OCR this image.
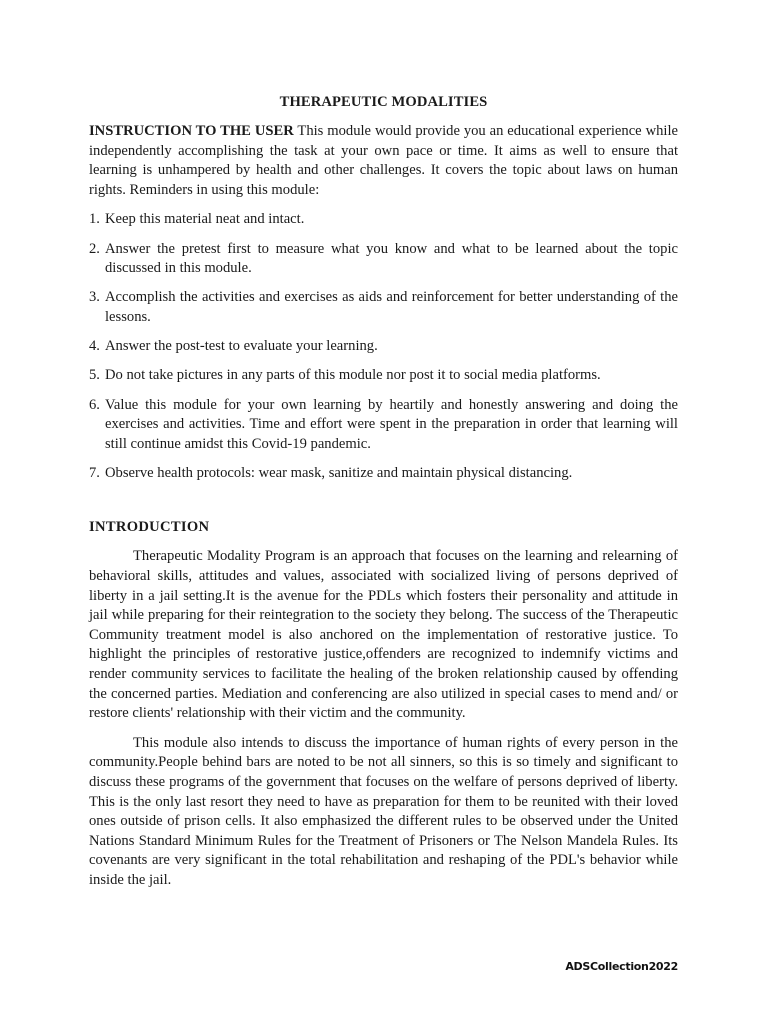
THERAPEUTIC MODALITIES

INSTRUCTION TO THE USER This module would provide you an educational experience while independently accomplishing the task at your own pace or time. It aims as well to ensure that learning is unhampered by health and other challenges. It covers the topic about laws on human rights. Reminders in using this module:

1. Keep this material neat and intact.
2. Answer the pretest first to measure what you know and what to be learned about the topic discussed in this module.
3. Accomplish the activities and exercises as aids and reinforcement for better understanding of the lessons.
4. Answer the post-test to evaluate your learning.
5. Do not take pictures in any parts of this module nor post it to social media platforms.
6. Value this module for your own learning by heartily and honestly answering and doing the exercises and activities. Time and effort were spent in the preparation in order that learning will still continue amidst this Covid-19 pandemic.
7. Observe health protocols: wear mask, sanitize and maintain physical distancing.
INTRODUCTION

Therapeutic Modality Program is an approach that focuses on the learning and relearning of behavioral skills, attitudes and values, associated with socialized living of persons deprived of liberty in a jail setting.It is the avenue for the PDLs which fosters their personality and attitude in jail while preparing for their reintegration to the society they belong. The success of the Therapeutic Community treatment model is also anchored on the implementation of restorative justice. To highlight the principles of restorative justice,offenders are recognized to indemnify victims and render community services to facilitate the healing of the broken relationship caused by offending the concerned parties. Mediation and conferencing are also utilized in special cases to mend and/ or restore clients' relationship with their victim and the community.

This module also intends to discuss the importance of human rights of every person in the community.People behind bars are noted to be not all sinners, so this is so timely and significant to discuss these programs of the government that focuses on the welfare of persons deprived of liberty. This is the only last resort they need to have as preparation for them to be reunited with their loved ones outside of prison cells. It also emphasized the different rules to be observed under the United Nations Standard Minimum Rules for the Treatment of Prisoners or The Nelson Mandela Rules. Its covenants are very significant in the total rehabilitation and reshaping of the PDL's behavior while inside the jail.

ADSCollection2022
